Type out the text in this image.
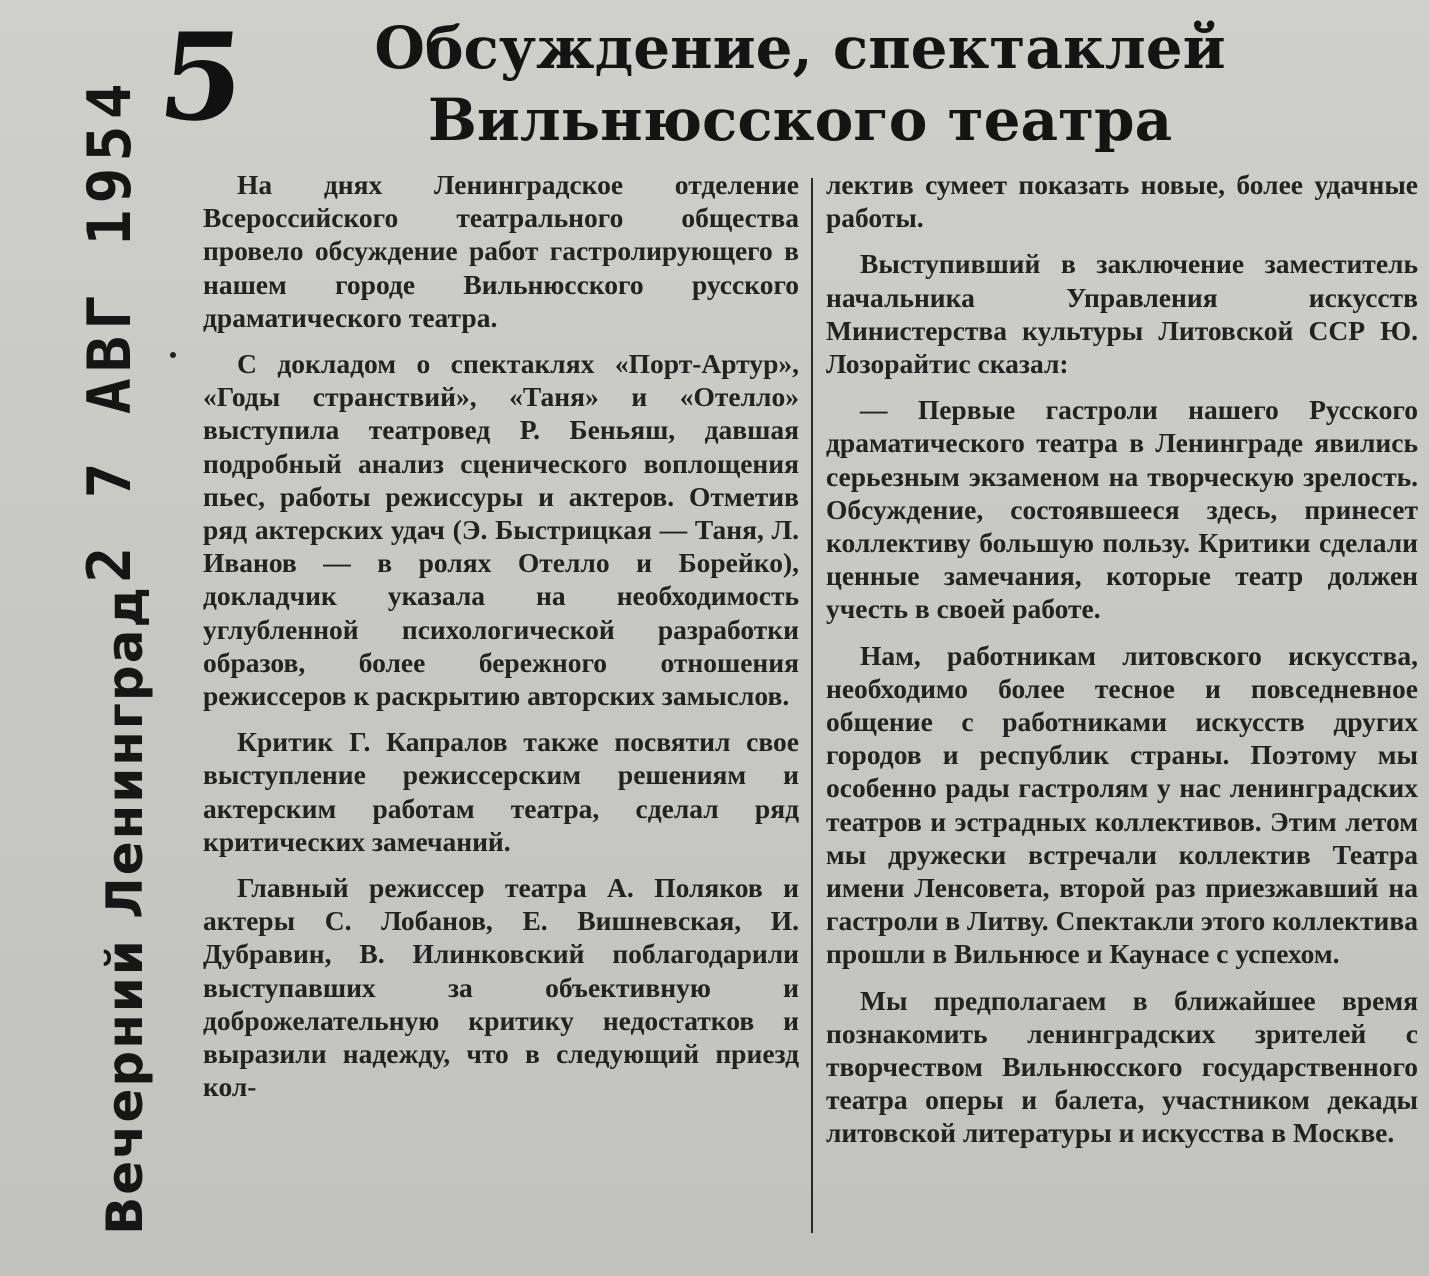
5
2 7 АВГ 1954
Вечерний Ленинград
Обсуждение, спектаклей
Вильнюсского театра

На днях Ленинградское отделение Всероссийского театрального общества провело обсуждение работ гастролирующего в нашем городе Вильнюсского русского драматического театра.

С докладом о спектаклях «Порт-Артур», «Годы странствий», «Таня» и «Отелло» выступила театровед Р. Беньяш, давшая подробный анализ сценического воплощения пьес, работы режиссуры и актеров. Отметив ряд актерских удач (Э. Быстрицкая — Таня, Л. Иванов — в ролях Отелло и Борейко), докладчик указала на необходимость углубленной психологической разработки образов, более бережного отношения режиссеров к раскрытию авторских замыслов.

Критик Г. Капралов также посвятил свое выступление режиссерским решениям и актерским работам театра, сделал ряд критических замечаний.

Главный режиссер театра А. Поляков и актеры С. Лобанов, Е. Вишневская, И. Дубравин, В. Илинковский поблагодарили выступавших за объективную и доброжелательную критику недостатков и выразили надежду, что в следующий приезд кол-

лектив сумеет показать новые, более удачные работы.

Выступивший в заключение заместитель начальника Управления искусств Министерства культуры Литовской ССР Ю. Лозорайтис сказал:

— Первые гастроли нашего Русского драматического театра в Ленинграде явились серьезным экзаменом на творческую зрелость. Обсуждение, состоявшееся здесь, принесет коллективу большую пользу. Критики сделали ценные замечания, которые театр должен учесть в своей работе.

Нам, работникам литовского искусства, необходимо более тесное и повседневное общение с работниками искусств других городов и республик страны. Поэтому мы особенно рады гастролям у нас ленинградских театров и эстрадных коллективов. Этим летом мы дружески встречали коллектив Театра имени Ленсовета, второй раз приезжавший на гастроли в Литву. Спектакли этого коллектива прошли в Вильнюсе и Каунасе с успехом.

Мы предполагаем в ближайшее время познакомить ленинградских зрителей с творчеством Вильнюсского государственного театра оперы и балета, участником декады литовской литературы и искусства в Москве.
